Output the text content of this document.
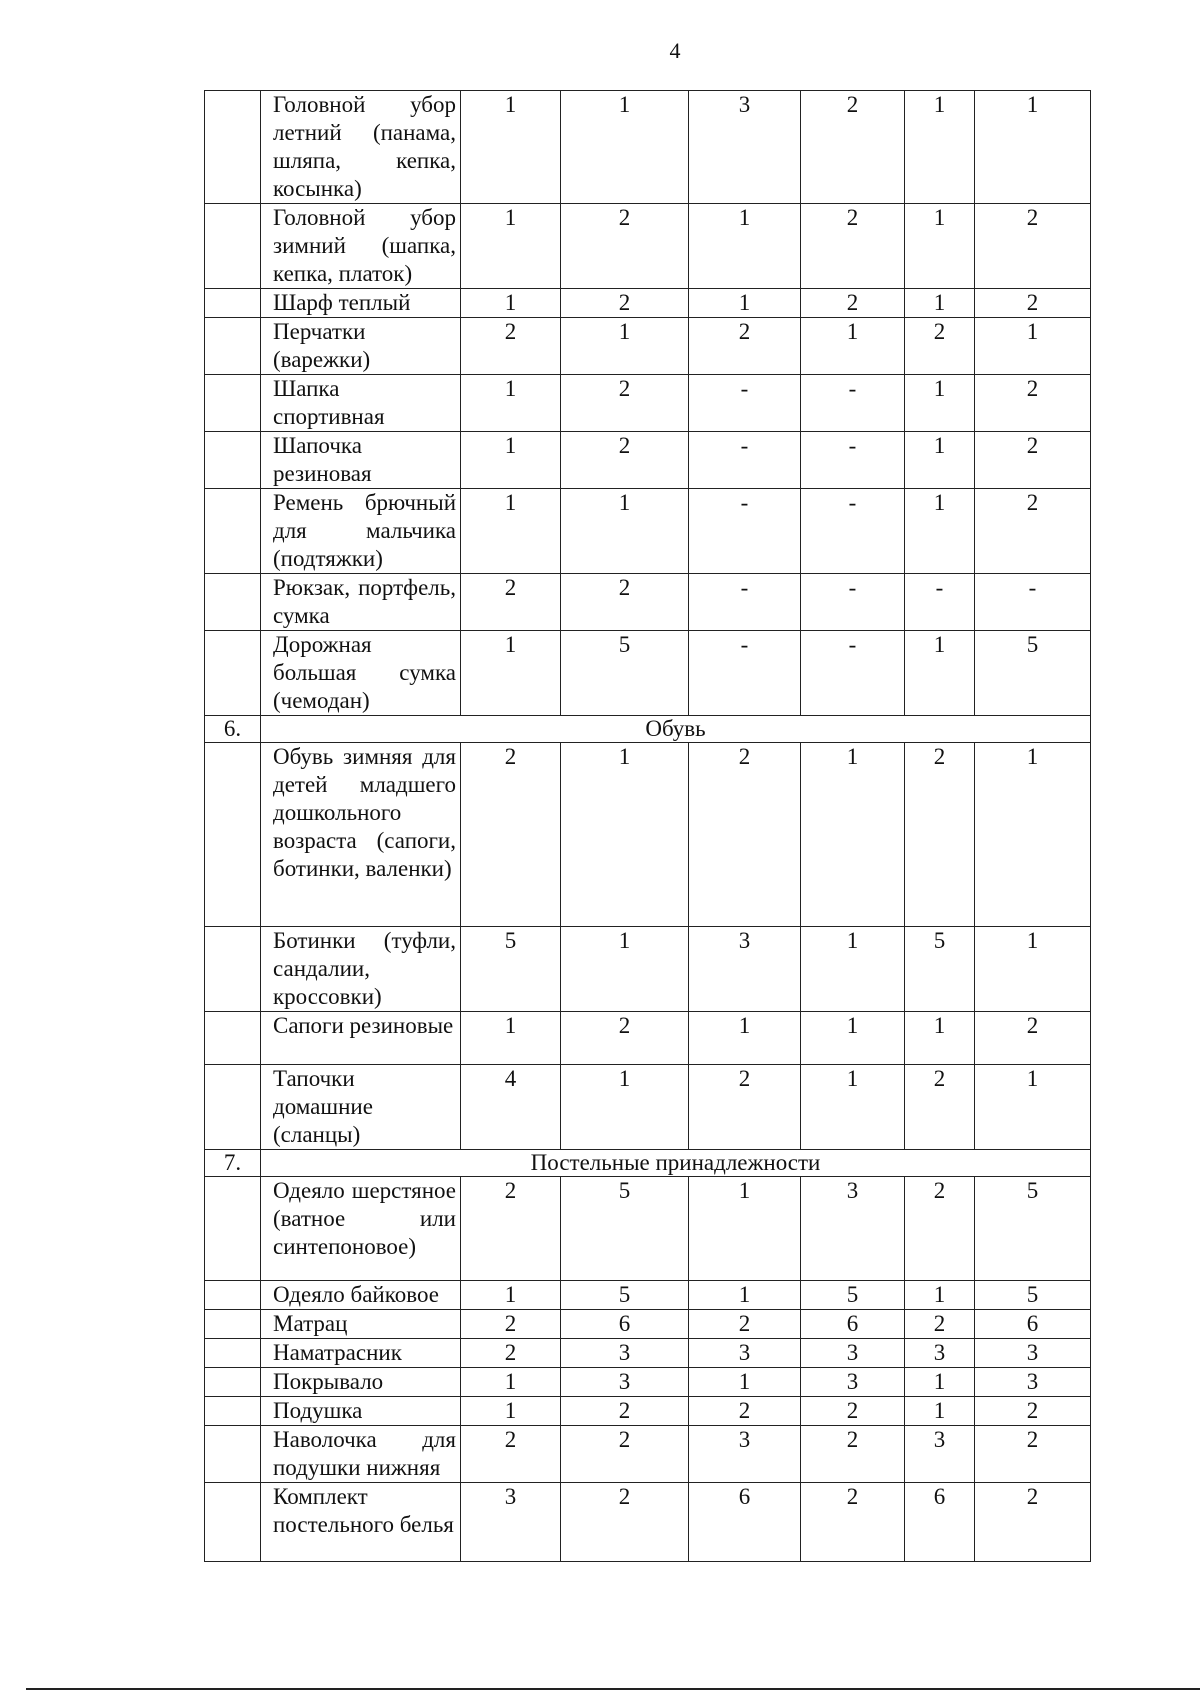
4
	Головной убор летний (панама, шляпа, кепка, косынка)	1	1	3	2	1	1
	Головной убор зимний (шапка, кепка, платок)	1	2	1	2	1	2
	Шарф теплый	1	2	1	2	1	2
	Перчатки (варежки)	2	1	2	1	2	1
	Шапка спортивная	1	2	-	-	1	2
	Шапочка резиновая	1	2	-	-	1	2
	Ремень брючный для мальчика (подтяжки)	1	1	-	-	1	2
	Рюкзак, портфель, сумка	2	2	-	-	-	-
	Дорожная большая сумка (чемодан)	1	5	-	-	1	5
6.	Обувь						
	Обувь зимняя для детей младшего дошкольного возраста (сапоги, ботинки, валенки)	2	1	2	1	2	1
	Ботинки (туфли, сандалии, кроссовки)	5	1	3	1	5	1
	Сапоги резиновые	1	2	1	1	1	2
	Тапочки домашние (сланцы)	4	1	2	1	2	1
7.	Постельные принадлежности						
	Одеяло шерстяное (ватное или синтепоновое)	2	5	1	3	2	5
	Одеяло байковое	1	5	1	5	1	5
	Матрац	2	6	2	6	2	6
	Наматрасник	2	3	3	3	3	3
	Покрывало	1	3	1	3	1	3
	Подушка	1	2	2	2	1	2
	Наволочка для подушки нижняя	2	2	3	2	3	2
	Комплект постельного белья	3	2	6	2	6	2
